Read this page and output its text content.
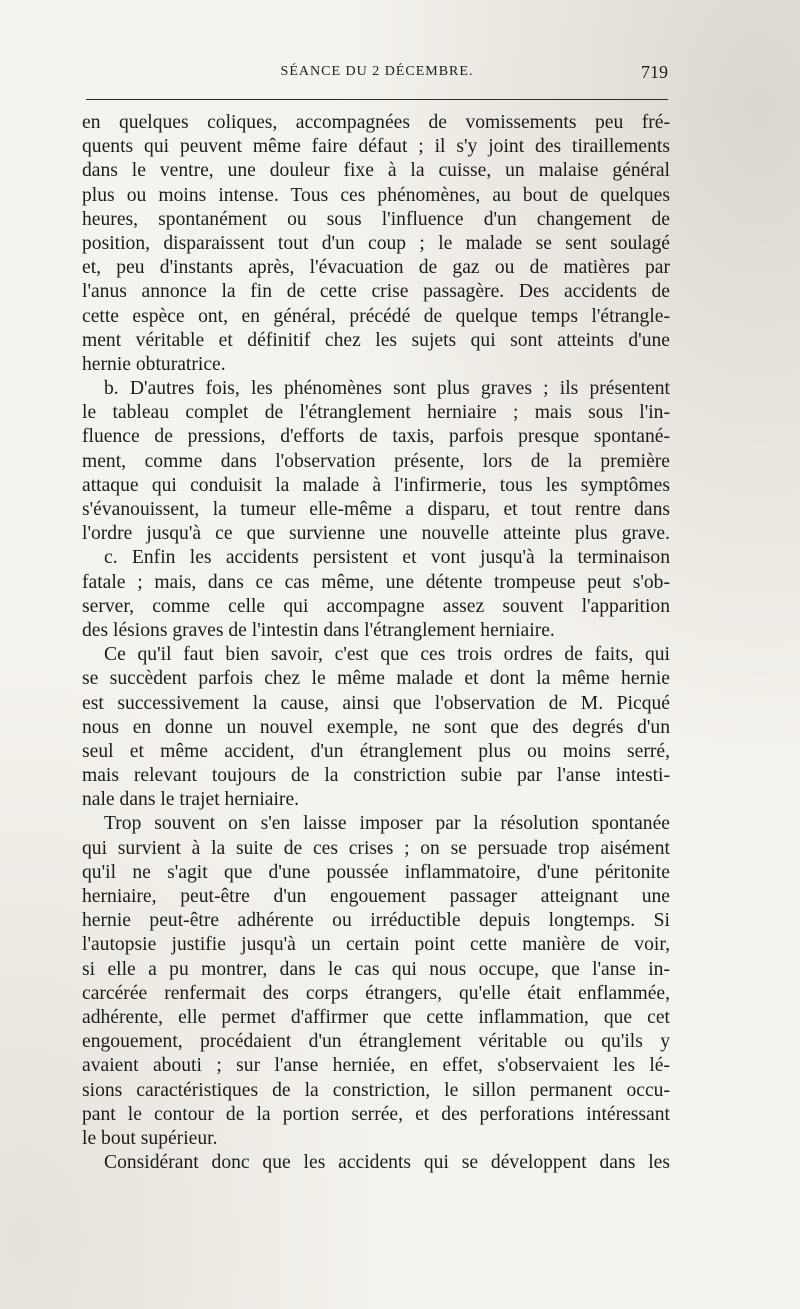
SÉANCE DU 2 DÉCEMBRE.	719
en quelques coliques, accompagnées de vomissements peu fré-
quents qui peuvent même faire défaut ; il s'y joint des tiraillements
dans le ventre, une douleur fixe à la cuisse, un malaise général
plus ou moins intense. Tous ces phénomènes, au bout de quelques
heures, spontanément ou sous l'influence d'un changement de
position, disparaissent tout d'un coup ; le malade se sent soulagé
et, peu d'instants après, l'évacuation de gaz ou de matières par
l'anus annonce la fin de cette crise passagère. Des accidents de
cette espèce ont, en général, précédé de quelque temps l'étrangle-
ment véritable et définitif chez les sujets qui sont atteints d'une
hernie obturatrice.
b. D'autres fois, les phénomènes sont plus graves ; ils présentent
le tableau complet de l'étranglement herniaire ; mais sous l'in-
fluence de pressions, d'efforts de taxis, parfois presque spontané-
ment, comme dans l'observation présente, lors de la première
attaque qui conduisit la malade à l'infirmerie, tous les symptômes
s'évanouissent, la tumeur elle-même a disparu, et tout rentre dans
l'ordre jusqu'à ce que survienne une nouvelle atteinte plus grave.
c. Enfin les accidents persistent et vont jusqu'à la terminaison
fatale ; mais, dans ce cas même, une détente trompeuse peut s'ob-
server, comme celle qui accompagne assez souvent l'apparition
des lésions graves de l'intestin dans l'étranglement herniaire.
Ce qu'il faut bien savoir, c'est que ces trois ordres de faits, qui
se succèdent parfois chez le même malade et dont la même hernie
est successivement la cause, ainsi que l'observation de M. Picqué
nous en donne un nouvel exemple, ne sont que des degrés d'un
seul et même accident, d'un étranglement plus ou moins serré,
mais relevant toujours de la constriction subie par l'anse intesti-
nale dans le trajet herniaire.
Trop souvent on s'en laisse imposer par la résolution spontanée
qui survient à la suite de ces crises ; on se persuade trop aisément
qu'il ne s'agit que d'une poussée inflammatoire, d'une péritonite
herniaire, peut-être d'un engouement passager atteignant une
hernie peut-être adhérente ou irréductible depuis longtemps. Si
l'autopsie justifie jusqu'à un certain point cette manière de voir,
si elle a pu montrer, dans le cas qui nous occupe, que l'anse in-
carcérée renfermait des corps étrangers, qu'elle était enflammée,
adhérente, elle permet d'affirmer que cette inflammation, que cet
engouement, procédaient d'un étranglement véritable ou qu'ils y
avaient abouti ; sur l'anse herniée, en effet, s'observaient les lé-
sions caractéristiques de la constriction, le sillon permanent occu-
pant le contour de la portion serrée, et des perforations intéressant
le bout supérieur.
Considérant donc que les accidents qui se développent dans les
